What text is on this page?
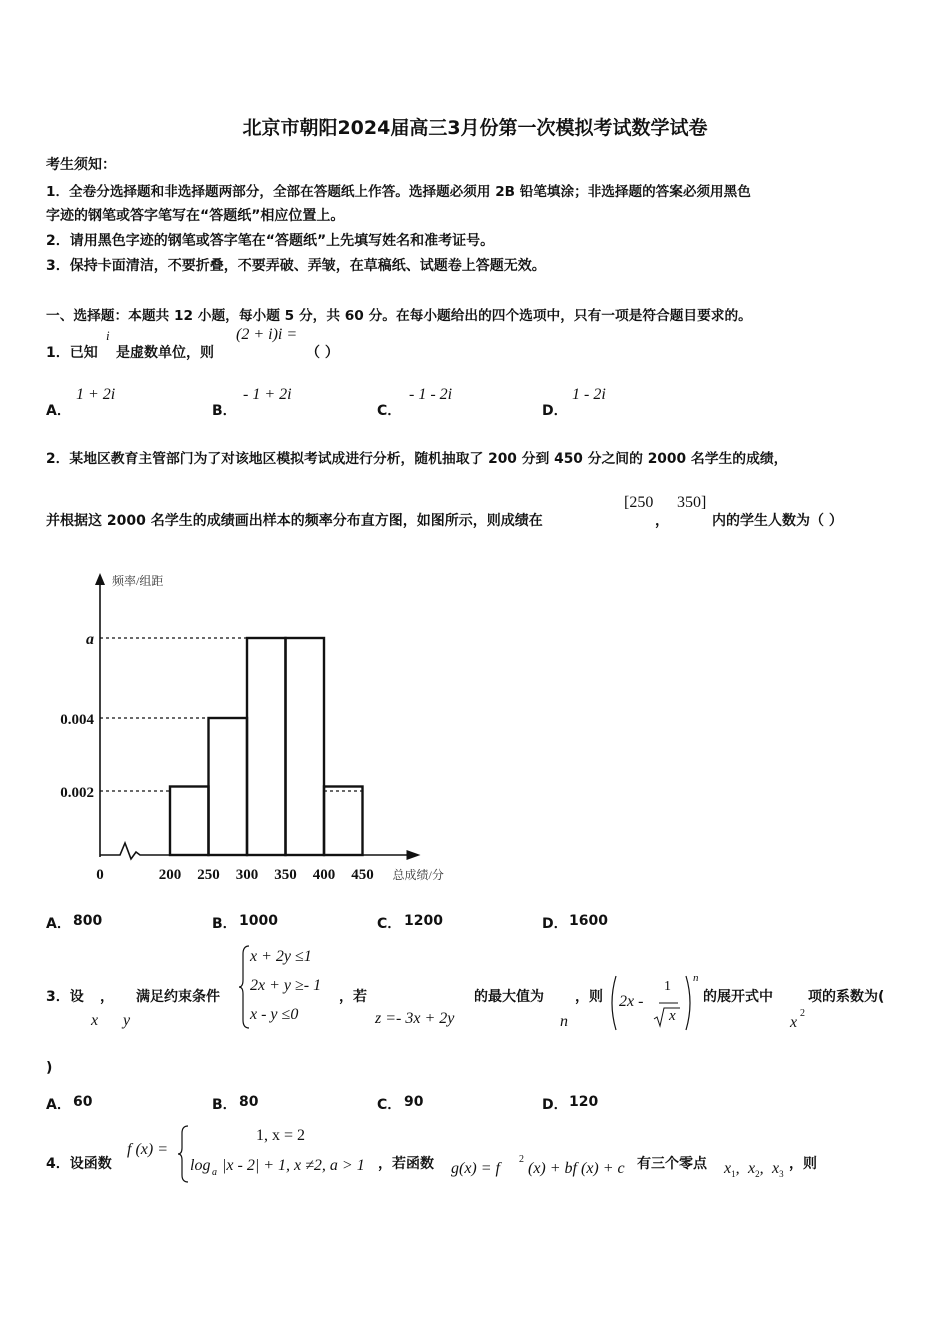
北京市朝阳2024届高三3月份第一次模拟考试数学试卷
考生须知：
1．全卷分选择题和非选择题两部分，全部在答题纸上作答。选择题必须用 2B 铅笔填涂；非选择题的答案必须用黑色
字迹的钢笔或答字笔写在“答题纸”相应位置上。
2．请用黑色字迹的钢笔或答字笔在“答题纸”上先填写姓名和准考证号。
3．保持卡面清洁，不要折叠，不要弄破、弄皱，在草稿纸、试题卷上答题无效。
一、选择题：本题共 12 小题，每小题 5 分，共 60 分。在每小题给出的四个选项中，只有一项是符合题目要求的。
1．已知
i
是虚数单位，则
(2 + i)i =
（ ）
A．
1 + 2i
B．
- 1 + 2i
C．
- 1 - 2i
D．
1 - 2i
2．某地区教育主管部门为了对该地区模拟考试成进行分析，随机抽取了 200 分到 450 分之间的 2000 名学生的成绩，
并根据这 2000 名学生的成绩画出样本的频率分布直方图，如图所示，则成绩在
[250
，
350]
内的学生人数为（ ）
0.002
0.004
a
0	200 250 300 350 400 450
频率/组距
总成绩/分
A． 800	B． 1000	C． 1200	D． 1600
3．设
x
，
y
满足约束条件
x + 2y ≤1
2x + y ≥- 1
x - y ≤0
，若
z =- 3x + 2y
的最大值为
n
，则 2x -
1
x
n
的展开式中
x
2
项的系数为(
)
A． 60	B． 80	C． 90	D． 120
4．设函数
f (x) =
1, x = 2
log a |x - 2| + 1, x ≠2, a > 1 ，若函数 g(x) = f
2
(x) + bf (x) + c 有三个零点 $x_1$, $x_2$, $x_3$
，则
